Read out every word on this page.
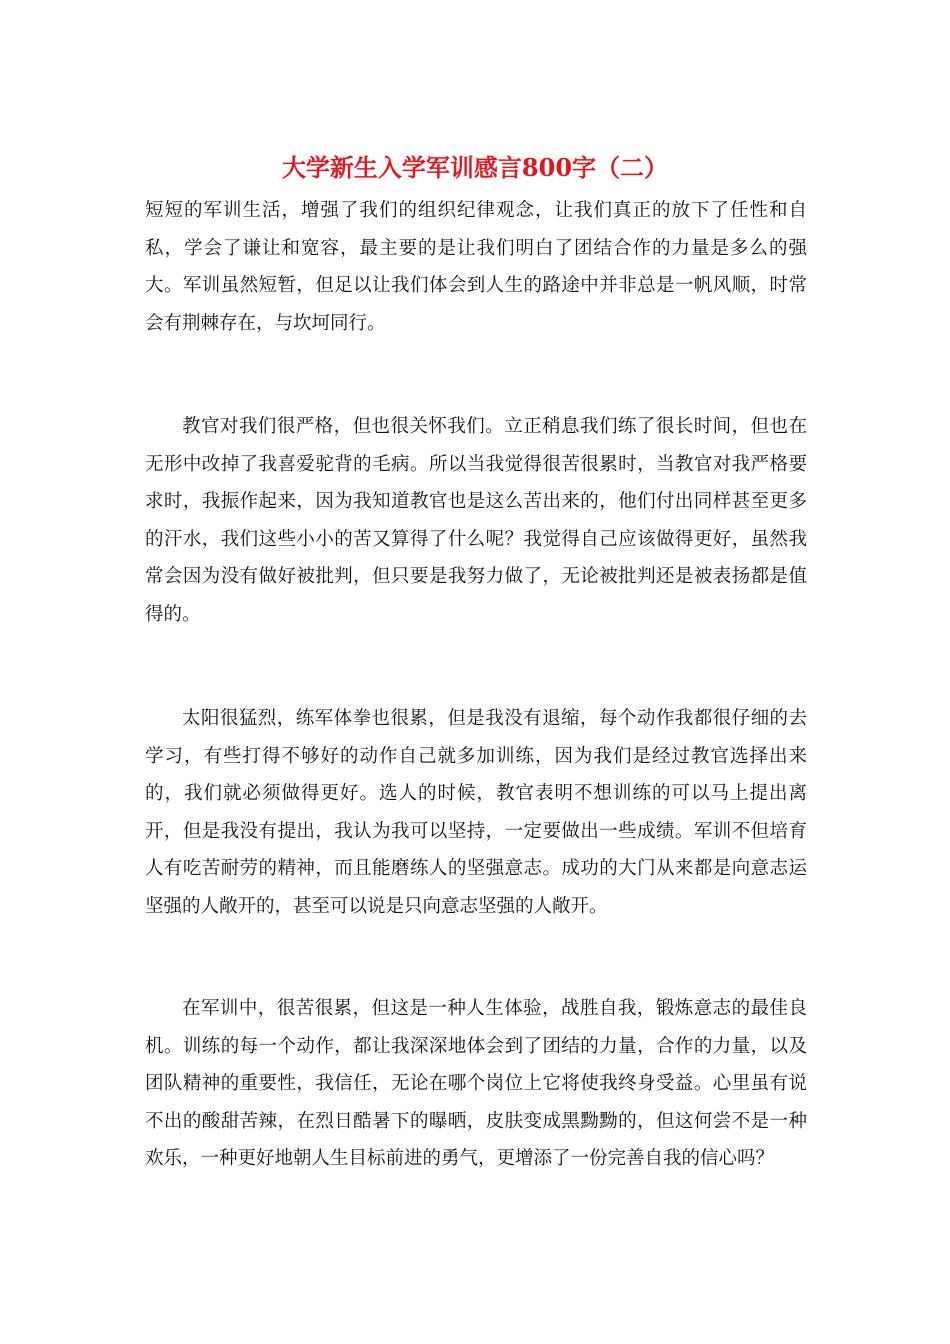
大学新生入学军训感言800字（二）

短短的军训生活，增强了我们的组织纪律观念，让我们真正的放下了任性和自私，学会了谦让和宽容，最主要的是让我们明白了团结合作的力量是多么的强大。军训虽然短暂，但足以让我们体会到人生的路途中并非总是一帆风顺，时常会有荆棘存在，与坎坷同行。

教官对我们很严格，但也很关怀我们。立正稍息我们练了很长时间，但也在无形中改掉了我喜爱驼背的毛病。所以当我觉得很苦很累时，当教官对我严格要求时，我振作起来，因为我知道教官也是这么苦出来的，他们付出同样甚至更多的汗水，我们这些小小的苦又算得了什么呢？我觉得自己应该做得更好，虽然我常会因为没有做好被批判，但只要是我努力做了，无论被批判还是被表扬都是值得的。

太阳很猛烈，练军体拳也很累，但是我没有退缩，每个动作我都很仔细的去学习，有些打得不够好的动作自己就多加训练，因为我们是经过教官选择出来的，我们就必须做得更好。选人的时候，教官表明不想训练的可以马上提出离开，但是我没有提出，我认为我可以坚持，一定要做出一些成绩。军训不但培育人有吃苦耐劳的精神，而且能磨练人的坚强意志。成功的大门从来都是向意志运坚强的人敞开的，甚至可以说是只向意志坚强的人敞开。

在军训中，很苦很累，但这是一种人生体验，战胜自我，锻炼意志的最佳良机。训练的每一个动作，都让我深深地体会到了团结的力量，合作的力量，以及团队精神的重要性，我信任，无论在哪个岗位上它将使我终身受益。心里虽有说不出的酸甜苦辣，在烈日酷暑下的曝晒，皮肤变成黑黝黝的，但这何尝不是一种欢乐，一种更好地朝人生目标前进的勇气，更增添了一份完善自我的信心吗？
